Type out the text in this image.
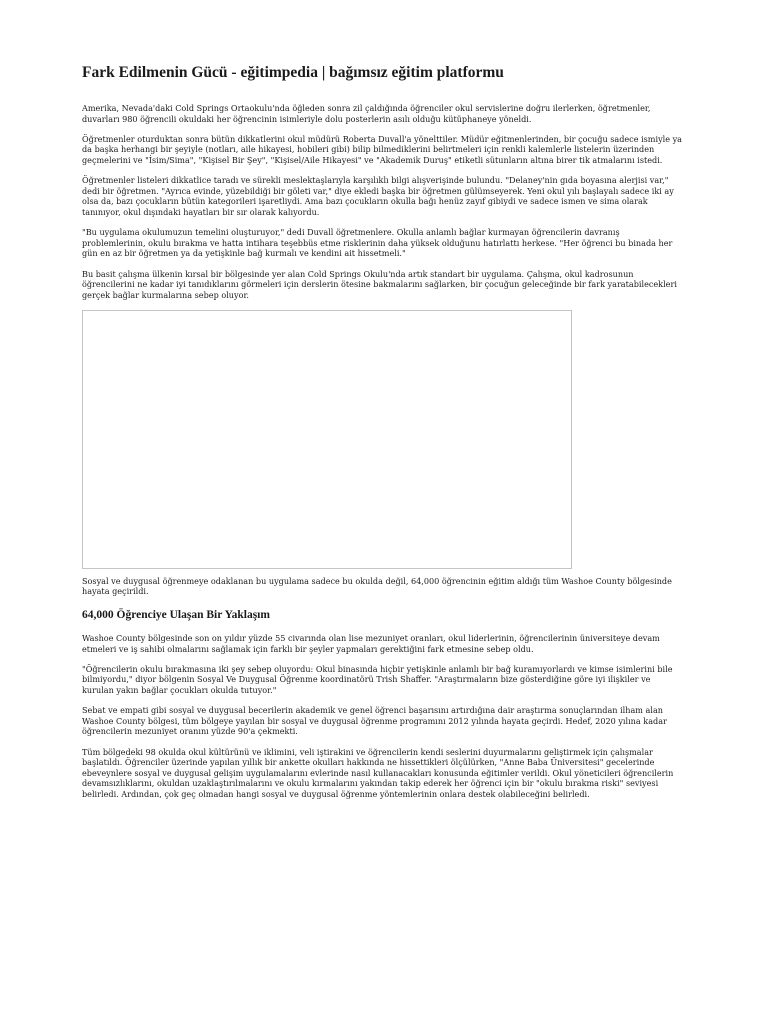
Fark Edilmenin Gücü - eğitimpedia | bağımsız eğitim platformu

Amerika, Nevada'daki Cold Springs Ortaokulu'nda öğleden sonra zil çaldığında öğrenciler okul servislerine doğru ilerlerken, öğretmenler, duvarları 980 öğrencili okuldaki her öğrencinin isimleriyle dolu posterlerin asılı olduğu kütüphaneye yöneldi.

Öğretmenler oturduktan sonra bütün dikkatlerini okul müdürü Roberta Duvall'a yönelttiler. Müdür eğitmenlerinden, bir çocuğu sadece ismiyle ya da başka herhangi bir şeyiyle (notları, aile hikayesi, hobileri gibi) bilip bilmediklerini belirtmeleri için renkli kalemlerle listelerin üzerinden geçmelerini ve "İsim/Sima", "Kişisel Bir Şey", "Kişisel/Aile Hikayesi" ve "Akademik Duruş" etiketli sütunların altına birer tik atmalarını istedi.

Öğretmenler listeleri dikkatlice taradı ve sürekli meslektaşlarıyla karşılıklı bilgi alışverişinde bulundu. "Delaney'nin gıda boyasına alerjisi var," dedi bir öğretmen. "Ayrıca evinde, yüzebildiği bir göleti var," diye ekledi başka bir öğretmen gülümseyerek. Yeni okul yılı başlayalı sadece iki ay olsa da, bazı çocukların bütün kategorileri işaretliydi. Ama bazı çocukların okulla bağı henüz zayıf gibiydi ve sadece ismen ve sima olarak tanınıyor, okul dışındaki hayatları bir sır olarak kalıyordu.

"Bu uygulama okulumuzun temelini oluşturuyor," dedi Duvall öğretmenlere. Okulla anlamlı bağlar kurmayan öğrencilerin davranış problemlerinin, okulu bırakma ve hatta intihara teşebbüs etme risklerinin daha yüksek olduğunu hatırlattı herkese. "Her öğrenci bu binada her gün en az bir öğretmen ya da yetişkinle bağ kurmalı ve kendini ait hissetmeli."

Bu basit çalışma ülkenin kırsal bir bölgesinde yer alan Cold Springs Okulu'nda artık standart bir uygulama. Çalışma, okul kadrosunun öğrencilerini ne kadar iyi tanıdıklarını görmeleri için derslerin ötesine bakmalarını sağlarken, bir çocuğun geleceğinde bir fark yaratabilecekleri gerçek bağlar kurmalarına sebep oluyor.

Sosyal ve duygusal öğrenmeye odaklanan bu uygulama sadece bu okulda değil, 64,000 öğrencinin eğitim aldığı tüm Washoe County bölgesinde hayata geçirildi.

64,000 Öğrenciye Ulaşan Bir Yaklaşım

Washoe County bölgesinde son on yıldır yüzde 55 civarında olan lise mezuniyet oranları, okul liderlerinin, öğrencilerinin üniversiteye devam etmeleri ve iş sahibi olmalarını sağlamak için farklı bir şeyler yapmaları gerektiğini fark etmesine sebep oldu.

"Öğrencilerin okulu bırakmasına iki şey sebep oluyordu: Okul binasında hiçbir yetişkinle anlamlı bir bağ kuramıyorlardı ve kimse isimlerini bile bilmiyordu," diyor bölgenin Sosyal Ve Duygusal Öğrenme koordinatörü Trish Shaffer. "Araştırmaların bize gösterdiğine göre iyi ilişkiler ve kurulan yakın bağlar çocukları okulda tutuyor."

Sebat ve empati gibi sosyal ve duygusal becerilerin akademik ve genel öğrenci başarısını artırdığına dair araştırma sonuçlarından ilham alan Washoe County bölgesi, tüm bölgeye yayılan bir sosyal ve duygusal öğrenme programını 2012 yılında hayata geçirdi. Hedef, 2020 yılına kadar öğrencilerin mezuniyet oranını yüzde 90'a çekmekti.

Tüm bölgedeki 98 okulda okul kültürünü ve iklimini, veli iştirakini ve öğrencilerin kendi seslerini duyurmalarını geliştirmek için çalışmalar başlatıldı. Öğrenciler üzerinde yapılan yıllık bir ankette okulları hakkında ne hissettikleri ölçülürken, "Anne Baba Üniversitesi" gecelerinde ebeveynlere sosyal ve duygusal gelişim uygulamalarını evlerinde nasıl kullanacakları konusunda eğitimler verildi. Okul yöneticileri öğrencilerin devamsızlıklarını, okuldan uzaklaştırılmalarını ve okulu kırmalarını yakından takip ederek her öğrenci için bir "okulu bırakma riski" seviyesi belirledi. Ardından, çok geç olmadan hangi sosyal ve duygusal öğrenme yöntemlerinin onlara destek olabileceğini belirledi.
